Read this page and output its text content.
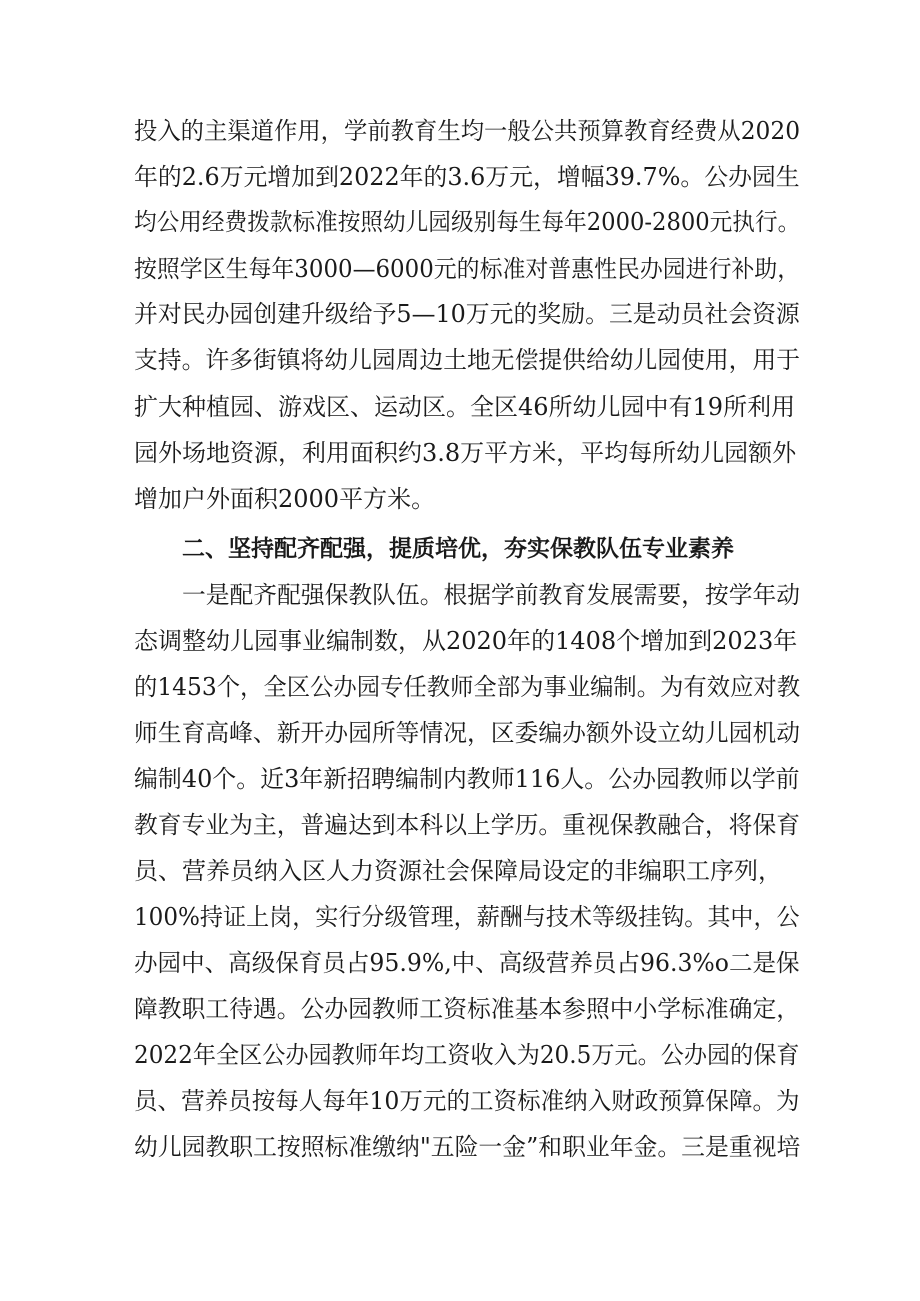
投入的主渠道作用，学前教育生均一般公共预算教育经费从2020
年的2.6万元增加到2022年的3.6万元，增幅39.7%。公办园生
均公用经费拨款标准按照幼儿园级别每生每年2000-2800元执行。
按照学区生每年3000—6000元的标准对普惠性民办园进行补助，
并对民办园创建升级给予5—10万元的奖励。三是动员社会资源
支持。许多街镇将幼儿园周边土地无偿提供给幼儿园使用，用于
扩大种植园、游戏区、运动区。全区46所幼儿园中有19所利用
园外场地资源，利用面积约3.8万平方米，平均每所幼儿园额外
增加户外面积2000平方米。
二、坚持配齐配强，提质培优，夯实保教队伍专业素养
一是配齐配强保教队伍。根据学前教育发展需要，按学年动
态调整幼儿园事业编制数，从2020年的1408个增加到2023年
的1453个，全区公办园专任教师全部为事业编制。为有效应对教
师生育高峰、新开办园所等情况，区委编办额外设立幼儿园机动
编制40个。近3年新招聘编制内教师116人。公办园教师以学前
教育专业为主，普遍达到本科以上学历。重视保教融合，将保育
员、营养员纳入区人力资源社会保障局设定的非编职工序列，
100%持证上岗，实行分级管理，薪酬与技术等级挂钩。其中，公
办园中、高级保育员占95.9%,中、高级营养员占96.3%o二是保
障教职工待遇。公办园教师工资标准基本参照中小学标准确定，
2022年全区公办园教师年均工资收入为20.5万元。公办园的保育
员、营养员按每人每年10万元的工资标准纳入财政预算保障。为
幼儿园教职工按照标准缴纳"五险一金”和职业年金。三是重视培
